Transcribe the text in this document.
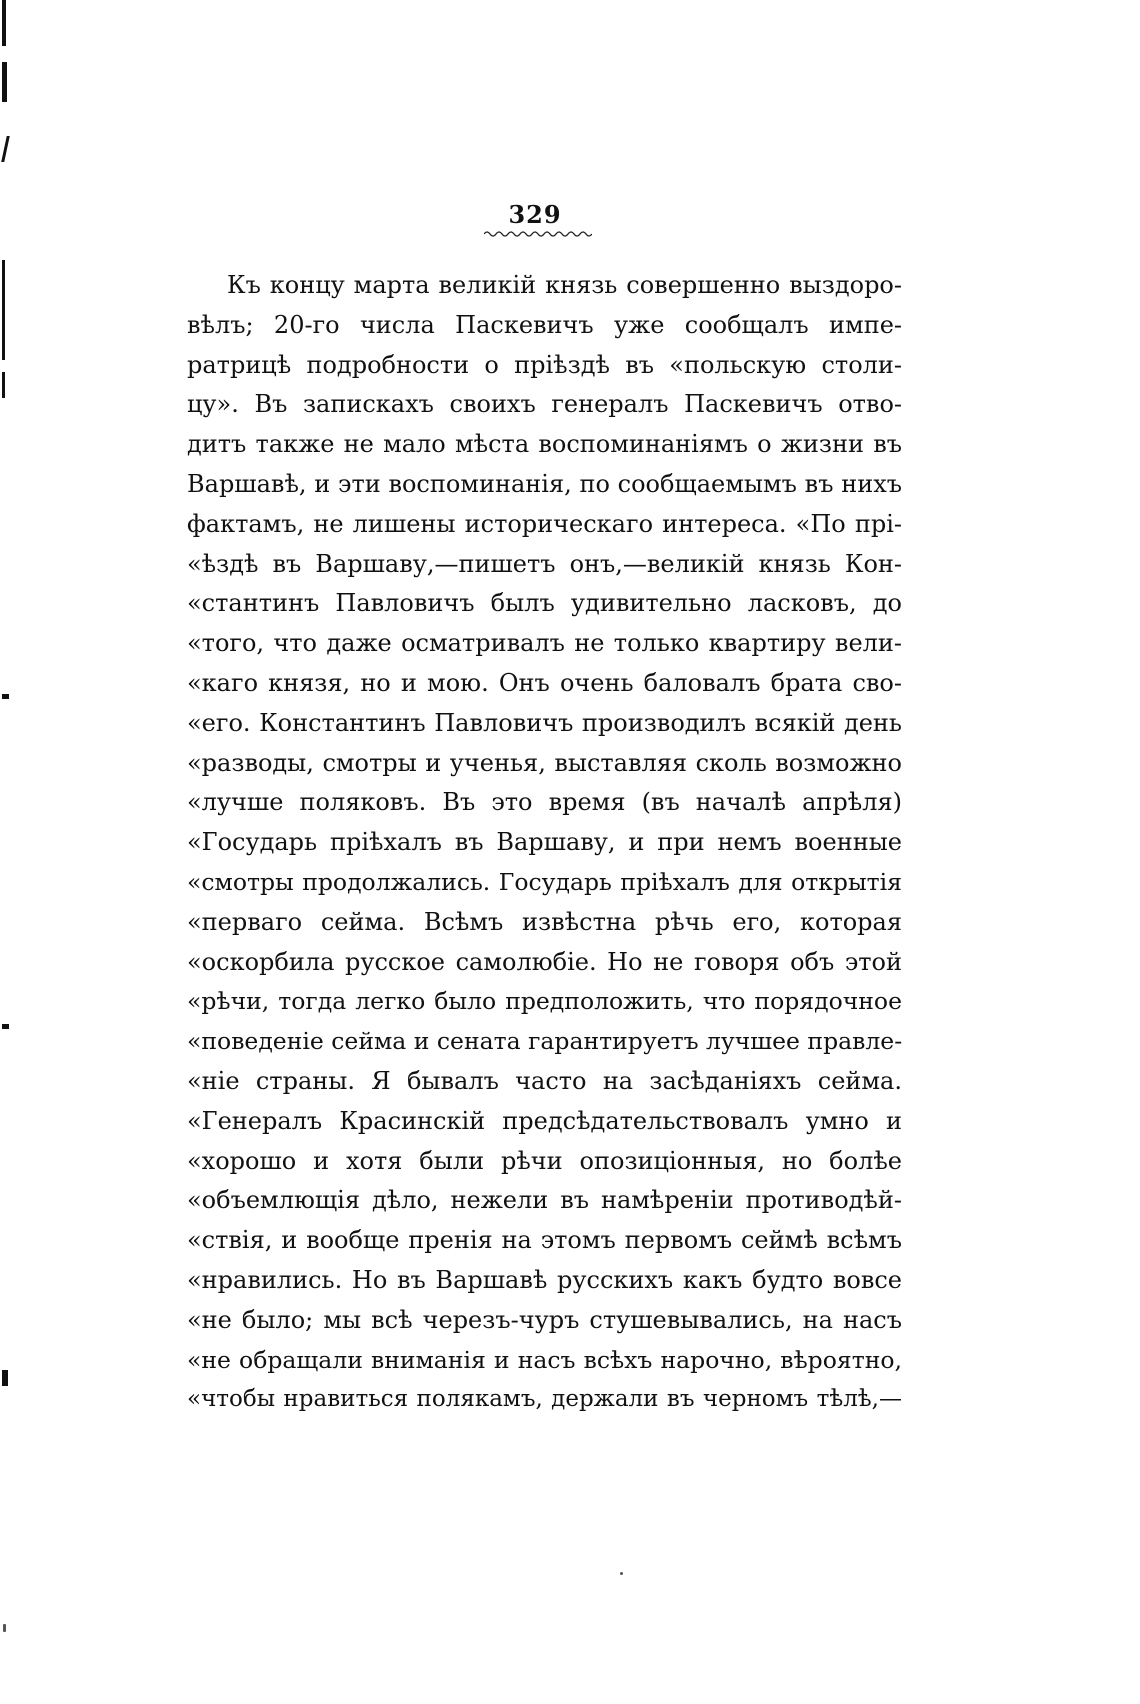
329
Къ концу марта великій князь совершенно выздоро-
вѣлъ; 20-го числа Паскевичъ уже сообщалъ импе-
ратрицѣ подробности о пріѣздѣ въ «польскую столи-
цу». Въ запискахъ своихъ генералъ Паскевичъ отво-
дитъ также не мало мѣста воспоминаніямъ о жизни въ
Варшавѣ, и эти воспоминанія, по сообщаемымъ въ нихъ
фактамъ, не лишены историческаго интереса. «По прі-
«ѣздѣ въ Варшаву,—пишетъ онъ,—великій князь Кон-
«стантинъ Павловичъ былъ удивительно ласковъ, до
«того, что даже осматривалъ не только квартиру вели-
«каго князя, но и мою. Онъ очень баловалъ брата сво-
«его. Константинъ Павловичъ производилъ всякій день
«разводы, смотры и ученья, выставляя сколь возможно
«лучше поляковъ. Въ это время (въ началѣ апрѣля)
«Государь пріѣхалъ въ Варшаву, и при немъ военные
«смотры продолжались. Государь пріѣхалъ для открытія
«перваго сейма. Всѣмъ извѣстна рѣчь его, которая
«оскорбила русское самолюбіе. Но не говоря объ этой
«рѣчи, тогда легко было предположить, что порядочное
«поведеніе сейма и сената гарантируетъ лучшее правле-
«ніе страны. Я бывалъ часто на засѣданіяхъ сейма.
«Генералъ Красинскій предсѣдательствовалъ умно и
«хорошо и хотя были рѣчи опозиціонныя, но болѣе
«объемлющія дѣло, нежели въ намѣреніи противодѣй-
«ствія, и вообще пренія на этомъ первомъ сеймѣ всѣмъ
«нравились. Но въ Варшавѣ русскихъ какъ будто вовсе
«не было; мы всѣ черезъ-чуръ стушевывались, на насъ
«не обращали вниманія и насъ всѣхъ нарочно, вѣроятно,
«чтобы нравиться полякамъ, держали въ черномъ тѣлѣ,—
